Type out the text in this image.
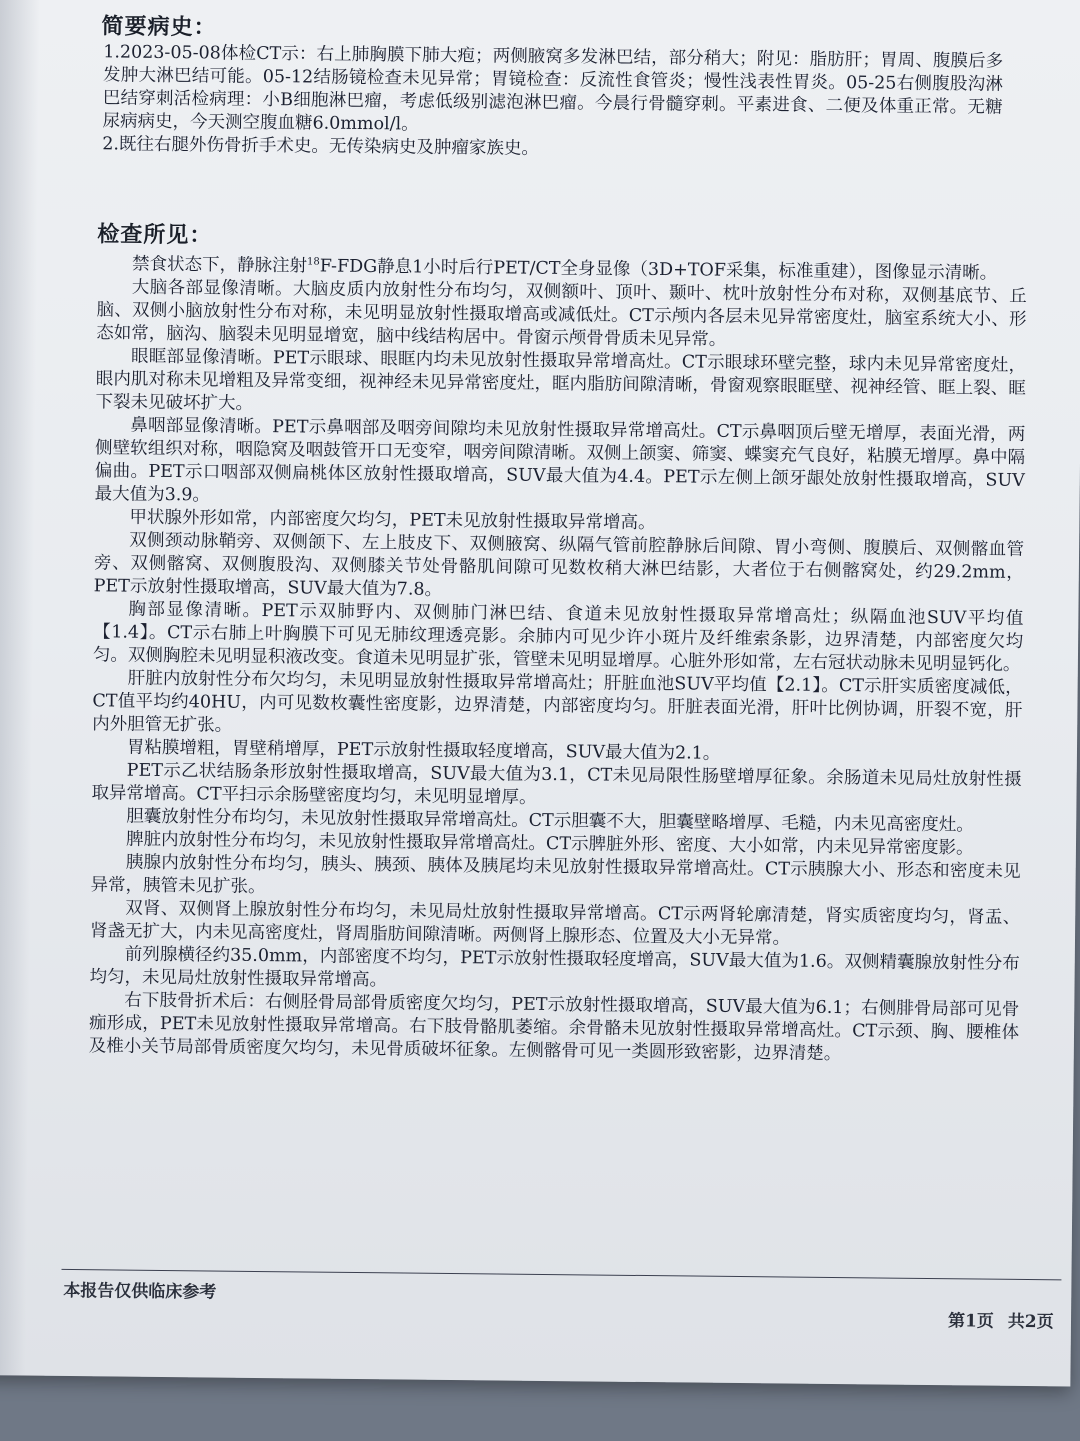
简要病史：

1.2023-05-08体检CT示：右上肺胸膜下肺大疱；两侧腋窝多发淋巴结，部分稍大；附见：脂肪肝；胃周、腹膜后多发肿大淋巴结可能。05-12结肠镜检查未见异常；胃镜检查：反流性食管炎；慢性浅表性胃炎。05-25右侧腹股沟淋巴结穿刺活检病理：小B细胞淋巴瘤，考虑低级别滤泡淋巴瘤。今晨行骨髓穿刺。平素进食、二便及体重正常。无糖尿病病史，今天测空腹血糖6.0mmol/l。

2.既往右腿外伤骨折手术史。无传染病史及肿瘤家族史。

检查所见：

禁食状态下，静脉注射$^{18}$F-FDG静息1小时后行PET/CT全身显像（3D+TOF采集，标准重建），图像显示清晰。

大脑各部显像清晰。大脑皮质内放射性分布均匀，双侧额叶、顶叶、颞叶、枕叶放射性分布对称，双侧基底节、丘脑、双侧小脑放射性分布对称，未见明显放射性摄取增高或减低灶。CT示颅内各层未见异常密度灶，脑室系统大小、形态如常，脑沟、脑裂未见明显增宽，脑中线结构居中。骨窗示颅骨骨质未见异常。

眼眶部显像清晰。PET示眼球、眼眶内均未见放射性摄取异常增高灶。CT示眼球环壁完整，球内未见异常密度灶，眼内肌对称未见增粗及异常变细，视神经未见异常密度灶，眶内脂肪间隙清晰，骨窗观察眼眶壁、视神经管、眶上裂、眶下裂未见破坏扩大。

鼻咽部显像清晰。PET示鼻咽部及咽旁间隙均未见放射性摄取异常增高灶。CT示鼻咽顶后壁无增厚，表面光滑，两侧壁软组织对称，咽隐窝及咽鼓管开口无变窄，咽旁间隙清晰。双侧上颌窦、筛窦、蝶窦充气良好，粘膜无增厚。鼻中隔偏曲。PET示口咽部双侧扁桃体区放射性摄取增高，SUV最大值为4.4。PET示左侧上颌牙龈处放射性摄取增高，SUV最大值为3.9。

甲状腺外形如常，内部密度欠均匀，PET未见放射性摄取异常增高。

双侧颈动脉鞘旁、双侧颌下、左上肢皮下、双侧腋窝、纵隔气管前腔静脉后间隙、胃小弯侧、腹膜后、双侧髂血管旁、双侧髂窝、双侧腹股沟、双侧膝关节处骨骼肌间隙可见数枚稍大淋巴结影，大者位于右侧髂窝处，约29.2mm，PET示放射性摄取增高，SUV最大值为7.8。

胸部显像清晰。PET示双肺野内、双侧肺门淋巴结、食道未见放射性摄取异常增高灶；纵隔血池SUV平均值【1.4】。CT示右肺上叶胸膜下可见无肺纹理透亮影。余肺内可见少许小斑片及纤维索条影，边界清楚，内部密度欠均匀。双侧胸腔未见明显积液改变。食道未见明显扩张，管壁未见明显增厚。心脏外形如常，左右冠状动脉未见明显钙化。

肝脏内放射性分布欠均匀，未见明显放射性摄取异常增高灶；肝脏血池SUV平均值【2.1】。CT示肝实质密度减低，CT值平均约40HU，内可见数枚囊性密度影，边界清楚，内部密度均匀。肝脏表面光滑，肝叶比例协调，肝裂不宽，肝内外胆管无扩张。

胃粘膜增粗，胃壁稍增厚，PET示放射性摄取轻度增高，SUV最大值为2.1。

PET示乙状结肠条形放射性摄取增高，SUV最大值为3.1，CT未见局限性肠壁增厚征象。余肠道未见局灶放射性摄取异常增高。CT平扫示余肠壁密度均匀，未见明显增厚。

胆囊放射性分布均匀，未见放射性摄取异常增高灶。CT示胆囊不大，胆囊壁略增厚、毛糙，内未见高密度灶。

脾脏内放射性分布均匀，未见放射性摄取异常增高灶。CT示脾脏外形、密度、大小如常，内未见异常密度影。

胰腺内放射性分布均匀，胰头、胰颈、胰体及胰尾均未见放射性摄取异常增高灶。CT示胰腺大小、形态和密度未见异常，胰管未见扩张。

双肾、双侧肾上腺放射性分布均匀，未见局灶放射性摄取异常增高。CT示两肾轮廓清楚，肾实质密度均匀，肾盂、肾盏无扩大，内未见高密度灶，肾周脂肪间隙清晰。两侧肾上腺形态、位置及大小无异常。

前列腺横径约35.0mm，内部密度不均匀，PET示放射性摄取轻度增高，SUV最大值为1.6。双侧精囊腺放射性分布均匀，未见局灶放射性摄取异常增高。

右下肢骨折术后：右侧胫骨局部骨质密度欠均匀，PET示放射性摄取增高，SUV最大值为6.1；右侧腓骨局部可见骨痂形成，PET未见放射性摄取异常增高。右下肢骨骼肌萎缩。余骨骼未见放射性摄取异常增高灶。CT示颈、胸、腰椎体及椎小关节局部骨质密度欠均匀，未见骨质破坏征象。左侧髂骨可见一类圆形致密影，边界清楚。

本报告仅供临床参考
第1页 共2页
